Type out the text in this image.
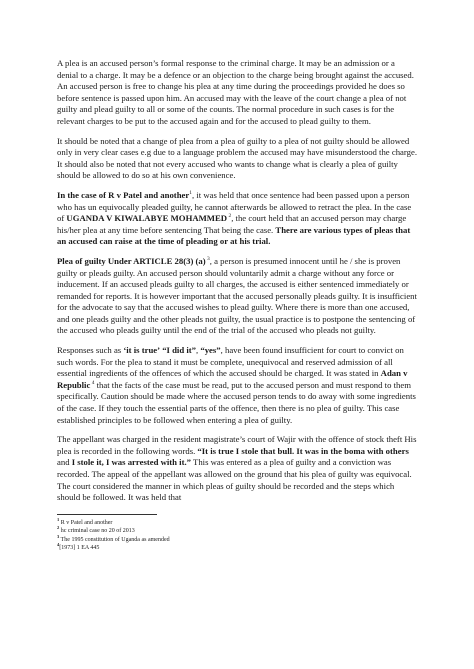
A plea is an accused person’s formal response to the criminal charge. It may be an admission or a denial to a charge. It may be a defence or an objection to the charge being brought against the accused. An accused person is free to change his plea at any time during the proceedings provided he does so before sentence is passed upon him. An accused may with the leave of the court change a plea of not guilty and plead guilty to all or some of the counts. The normal procedure in such cases is for the relevant charges to be put to the accused again and for the accused to plead guilty to them.

It should be noted that a change of plea from a plea of guilty to a plea of not guilty should be allowed only in very clear cases e.g due to a language problem the accused may have misunderstood the charge. It should also be noted that not every accused who wants to change what is clearly a plea of guilty should be allowed to do so at his own convenience.

In the case of R v Patel and another$^1$, it was held that once sentence had been passed upon a person who has un equivocally pleaded guilty, he cannot afterwards be allowed to retract the plea. In the case of UGANDA V KIWALABYE MOHAMMED $^2$, the court held that an accused person may charge his/her plea at any time before sentencing That being the case. There are various types of pleas that an accused can raise at the time of pleading or at his trial.

Plea of guilty Under ARTICLE 28(3) (a) $^3$, a person is presumed innocent until he / she is proven guilty or pleads guilty. An accused person should voluntarily admit a charge without any force or inducement. If an accused pleads guilty to all charges, the accused is either sentenced immediately or remanded for reports. It is however important that the accused personally pleads guilty. It is insufficient for the advocate to say that the accused wishes to plead guilty. Where there is more than one accused, and one pleads guilty and the other pleads not guilty, the usual practice is to postpone the sentencing of the accused who pleads guilty until the end of the trial of the accused who pleads not guilty.

Responses such as ‘it is true’ “I did it”, “yes”, have been found insufficient for court to convict on such words. For the plea to stand it must be complete, unequivocal and reserved admission of all essential ingredients of the offences of which the accused should be charged. It was stated in Adan v Republic $^4$ that the facts of the case must be read, put to the accused person and must respond to them specifically. Caution should be made where the accused person tends to do away with some ingredients of the case. If they touch the essential parts of the offence, then there is no plea of guilty. This case established principles to be followed when entering a plea of guilty.

The appellant was charged in the resident magistrate’s court of Wajir with the offence of stock theft His plea is recorded in the following words. “It is true I stole that bull. It was in the boma with others and I stole it, I was arrested with it.” This was entered as a plea of guilty and a conviction was recorded. The appeal of the appellant was allowed on the ground that his plea of guilty was equivocal. The court considered the manner in which pleas of guilty should be recorded and the steps which should be followed. It was held that

$^1$ R v Patel and another

$^2$ hc criminal case no 20 of 2013

$^3$ The 1995 constitution of Uganda as amended

$^4$[1973] 1 EA 445
